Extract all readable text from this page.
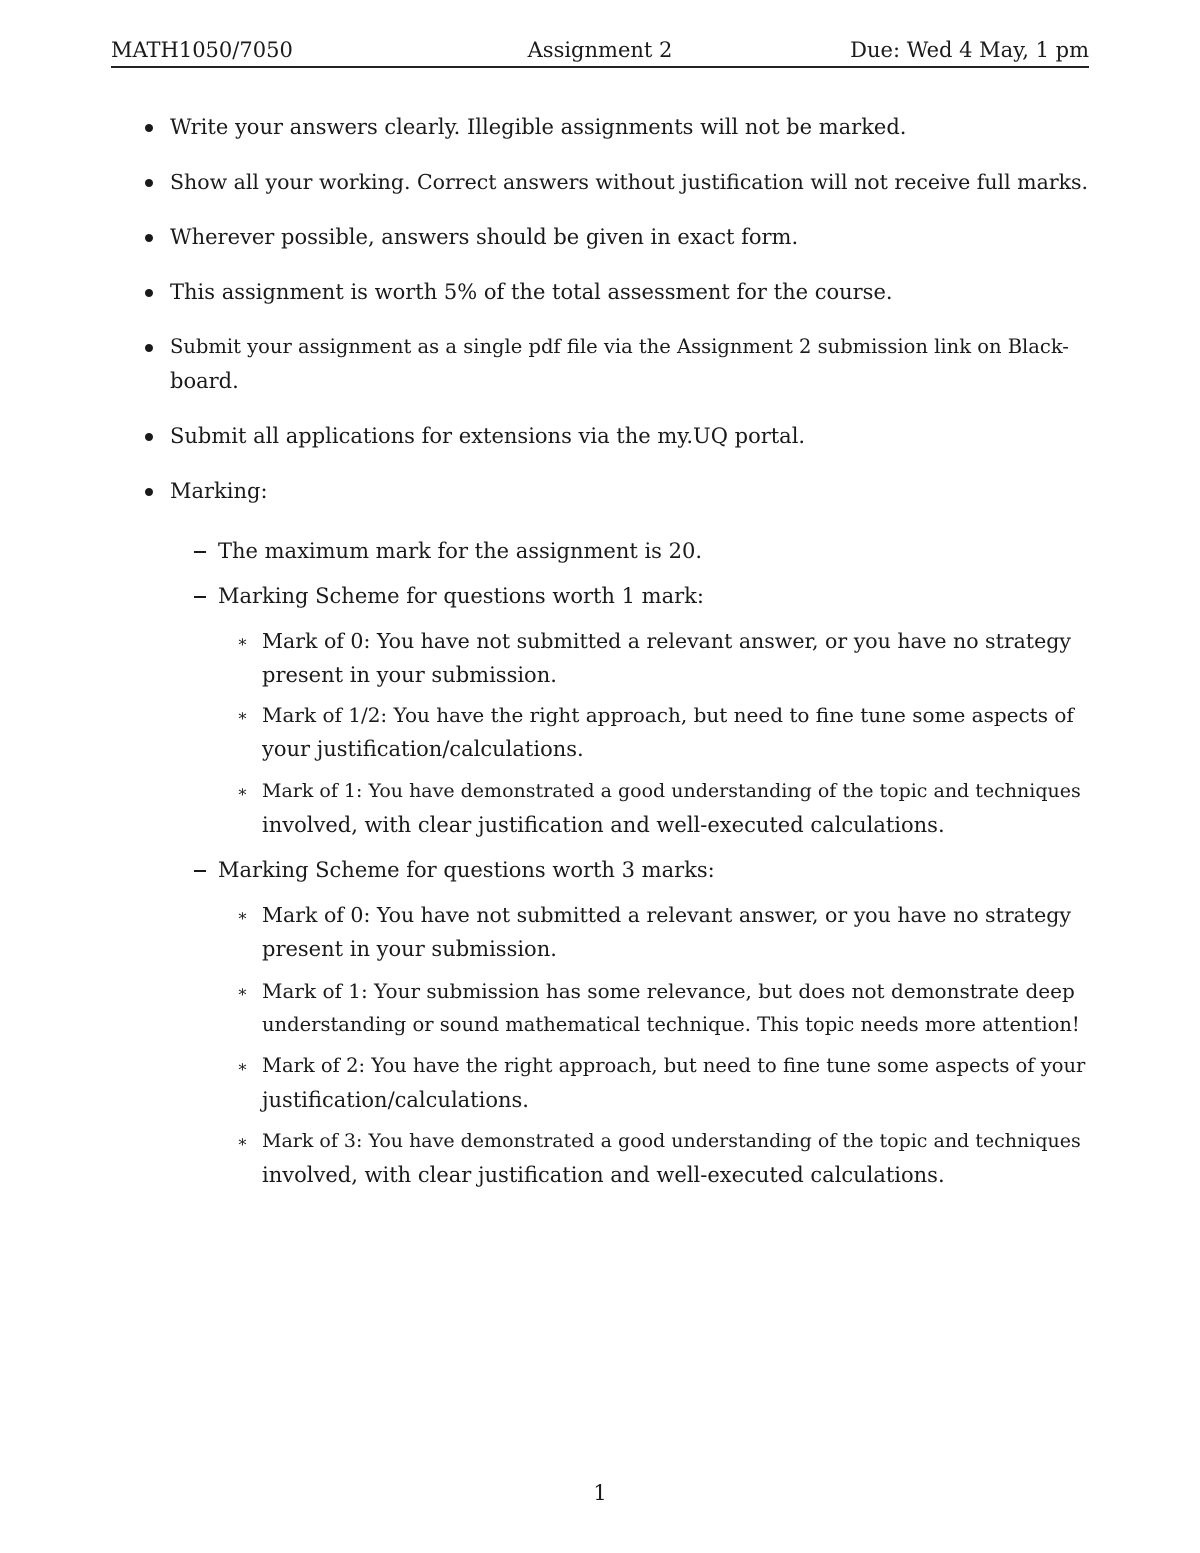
MATH1050/7050	Assignment 2	Due: Wed 4 May, 1 pm
Write your answers clearly. Illegible assignments will not be marked.
Show all your working. Correct answers without justification will not receive full marks.
Wherever possible, answers should be given in exact form.
This assignment is worth 5% of the total assessment for the course.
Submit your assignment as a single pdf file via the Assignment 2 submission link on Black-
board.
Submit all applications for extensions via the my.UQ portal.
Marking:
The maximum mark for the assignment is 20.
Marking Scheme for questions worth 1 mark:
∗ Mark of 0: You have not submitted a relevant answer, or you have no strategy
present in your submission.
∗ Mark of 1/2: You have the right approach, but need to fine tune some aspects of
your justification/calculations.
∗ Mark of 1: You have demonstrated a good understanding of the topic and techniques
involved, with clear justification and well-executed calculations.
Marking Scheme for questions worth 3 marks:
∗ Mark of 0: You have not submitted a relevant answer, or you have no strategy
present in your submission.
∗ Mark of 1: Your submission has some relevance, but does not demonstrate deep
understanding or sound mathematical technique. This topic needs more attention!
∗ Mark of 2: You have the right approach, but need to fine tune some aspects of your
justification/calculations.
∗ Mark of 3: You have demonstrated a good understanding of the topic and techniques
involved, with clear justification and well-executed calculations.
1
